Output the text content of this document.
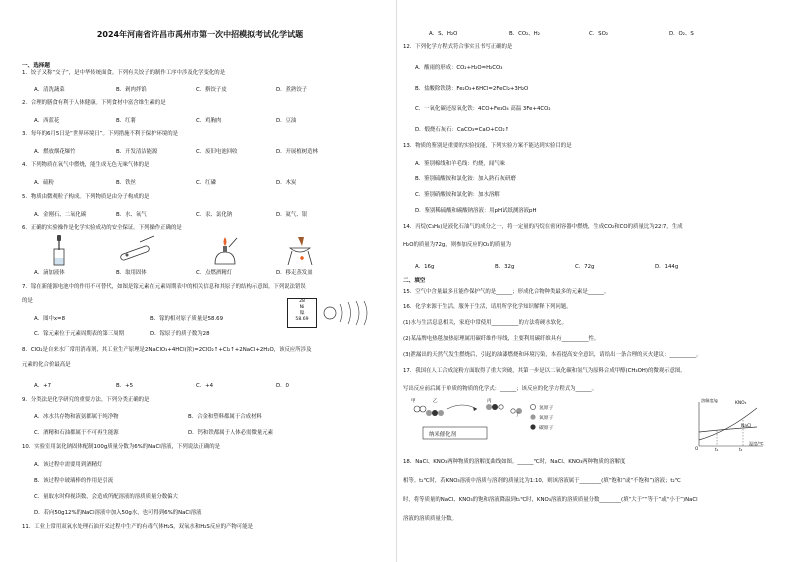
2024年河南省许昌市禹州市第一次中招模拟考试化学试题
一、选择题
1．饺子又称“交子”，是中华传统面食。下列有关饺子的制作工序中涉及化学变化的是
A．清洗蔬菜	B．剁肉拌馅	C．擀饺子皮	D．煮熟饺子
2．合理的膳食有利于人体健康。下列食材中富含维生素的是
A．西蓝花	B．红薯	C．鸡胸肉	D．豆油
3．每年的6月5日是“世界环境日”。下列措施不利于保护环境的是
A．燃放烟花爆竹	B．开发清洁能源	C．废旧电池回收	D．开展植树造林
4．下列物质在氧气中燃烧，能生成无色无味气体的是
A．硫粉	B．铁丝	C．红磷	D．木炭
5．物质由微观粒子构成。下列物质是由分子构成的是
A．金刚石、二氧化碳	B．水、氧气	C．汞、氯化钠	D．氦气、银
6．正确的实验操作是化学实验成功的安全保证。下列操作正确的是
A．滴加液体	B．取用固体	C．点燃酒精灯	D．移走蒸发皿
7．镓在新能源电池中的作用不可替代，如图是镓元素在元素周期表中的相关信息和其原子的结构示意图。下列说法错误
的是
A．图中x=8	B．镓的相对原子质量是58.69
C．镓元素位于元素周期表的第三周期	D．镓原子的质子数为28
28
Ni
镍
58.69
8．ClO₂是自来水厂常用消毒剂，其工业生产原理是2NaClO₃+4HCl(浓)=2ClO₂↑+Cl₂↑+2NaCl+2H₂O，该反应所涉及
元素的化合价最高是
A．+7	B．+5	C．+4	D．0
9．分类法是化学研究的重要方法。下列分类正确的是
A．冰水共存物和液氨都属于纯净物	B．合金和塑料都属于合成材料
C．酒精和石油都属于不可再生能源	D．钙和铁都属于人体必需微量元素
10．实验室用氯化钠固体配制100g质量分数为6%的NaCl溶液，下列说法正确的是
A．该过程中需要用到酒精灯
B．该过程中玻璃棒的作用是引流
C．量取水时仰视读数，会造成所配溶液的溶质质量分数偏大
D．若向50g12%的NaCl溶液中加入50g水，也可得到6%的NaCl溶液
11．工业上常用双氧水处理石油开采过程中生产的有毒气体H₂S，双氧水和H₂S反应的产物可能是
A．S、H₂O	B．CO₂、H₂	C．SO₂	D．O₂、S
12．下列化学方程式符合事实且书写正确的是
A．酸雨的形成：CO₂+H₂O=H₂CO₃
B．盐酸除铁锈：Fe₂O₃+6HCl=2FeCl₂+3H₂O
C．一氧化碳还原氧化铁：4CO+Fe₃O₄ 高温 3Fe+4CO₂
D．煅烧石灰石：CaCO₃=CaO+CO₂↑
13．物质的鉴别是重要的实验技能，下列实验方案不能达到实验目的是
A．鉴别棉线和羊毛线：灼烧，闻气味
B．鉴别硫酸铵和氯化铵：加入熟石灰研磨
C．鉴别硝酸铵和氯化钠：加水溶解
D．鉴别稀硫酸和碳酸钠溶液：用pH试纸测溶液pH
14．丙烷(C₃H₈)是液化石油气的成分之一，将一定量的丙烷在密闭容器中燃烧，生成CO₂和CO的质量比为22∶7，生成
H₂O的质量为72g，则参加反应的O₂的质量为
A．16g	B．32g	C．72g	D．144g
二、填空
15．空气中含量最多且能作保护气的是______；形成化合物种类最多的元素是______。
16．化学来源于生活，服务于生活，请用所学化学知识解释下列问题。
(1)水与生活息息相关，家庭中常使用__________的方法将硬水软化。
(2)某品牌电热毯加热原理属用碳纤维作导线，主要利用碳纤维具有__________性。
(3)泄漏出的天然气发生燃烧后，引起的油漆燃烧和环境污染，本着提高安全意识，请给出一条合理的灭火建议：__________。
17．我国在人工合成淀粉方面取得了重大突破，其第一步是以二氧化碳和氢气为原料合成甲醇(CH₃OH)的微观示意图。
写出反应前后属于单质的物质的化学式：______；该反应的化学方程式为______。
甲	乙	丙
丁
纳米催化剂
氢原子
氧原子
碳原子
溶解度/g
KNO₃
NaCl
O	t₁	t₂
温度/℃
18．NaCl、KNO₃两种物质的溶解度曲线如图。______℃时，NaCl、KNO₃两种物质的溶解度
相等。t₂℃时，若KNO₃溶液中溶质与溶剂的质量比为1:10，则该溶液属于________(填“饱和”或“不饱和”)溶液；t₂℃
时，将等质量的NaCl、KNO₃的饱和溶液降温到t₁℃时，KNO₃溶液的溶质质量分数________(填“大于”“等于”或“小于”)NaCl
溶液的溶质质量分数。
